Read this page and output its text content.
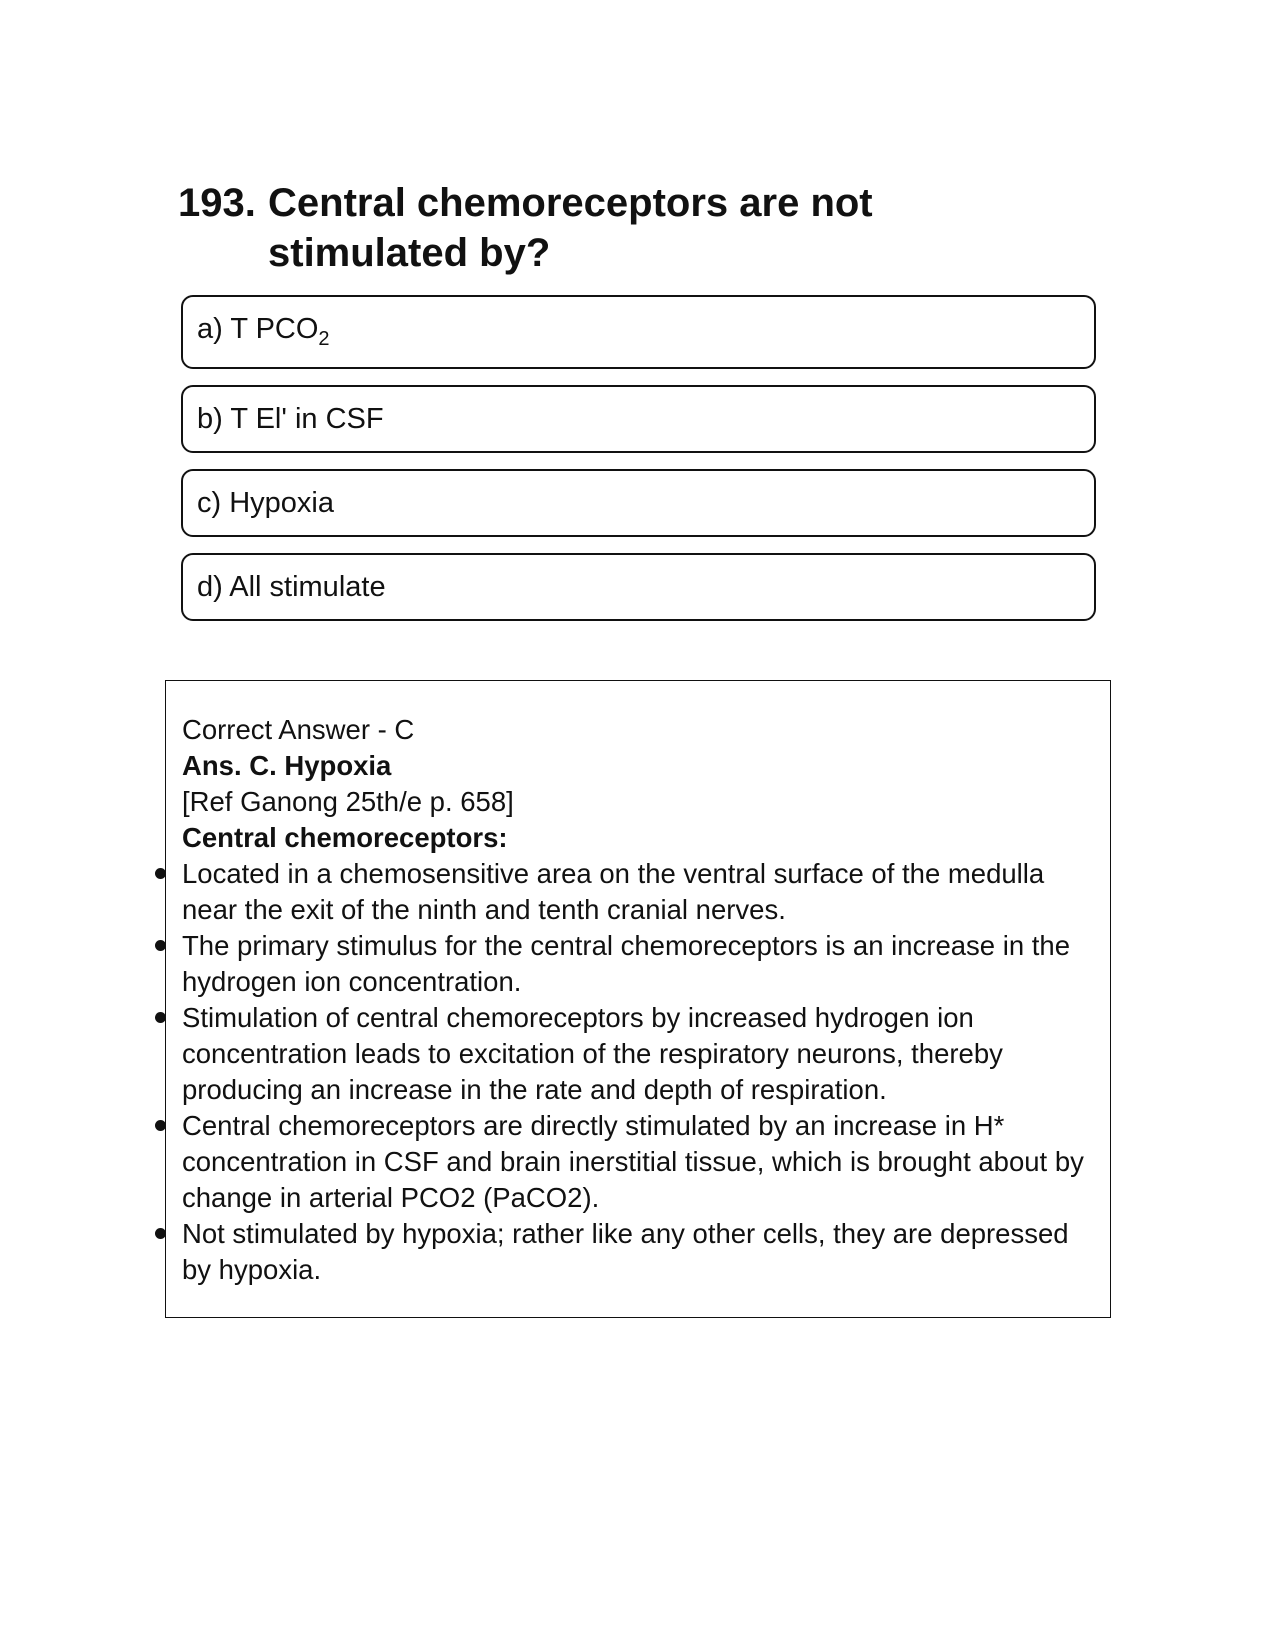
193. Central chemoreceptors are not stimulated by?
a) T $PCO_2$
b) T El' in CSF
c) Hypoxia
d) All stimulate
Correct Answer - C
Ans. C. Hypoxia
[Ref Ganong 25th/e p. 658]
Central chemoreceptors:
Located in a chemosensitive area on the ventral surface of the medulla near the exit of the ninth and tenth cranial nerves.
The primary stimulus for the central chemoreceptors is an increase in the hydrogen ion concentration.
Stimulation of central chemoreceptors by increased hydrogen ion concentration leads to excitation of the respiratory neurons, thereby producing an increase in the rate and depth of respiration.
Central chemoreceptors are directly stimulated by an increase in H* concentration in CSF and brain inerstitial tissue, which is brought about by change in arterial PCO2 (PaCO2).
Not stimulated by hypoxia; rather like any other cells, they are depressed by hypoxia.
